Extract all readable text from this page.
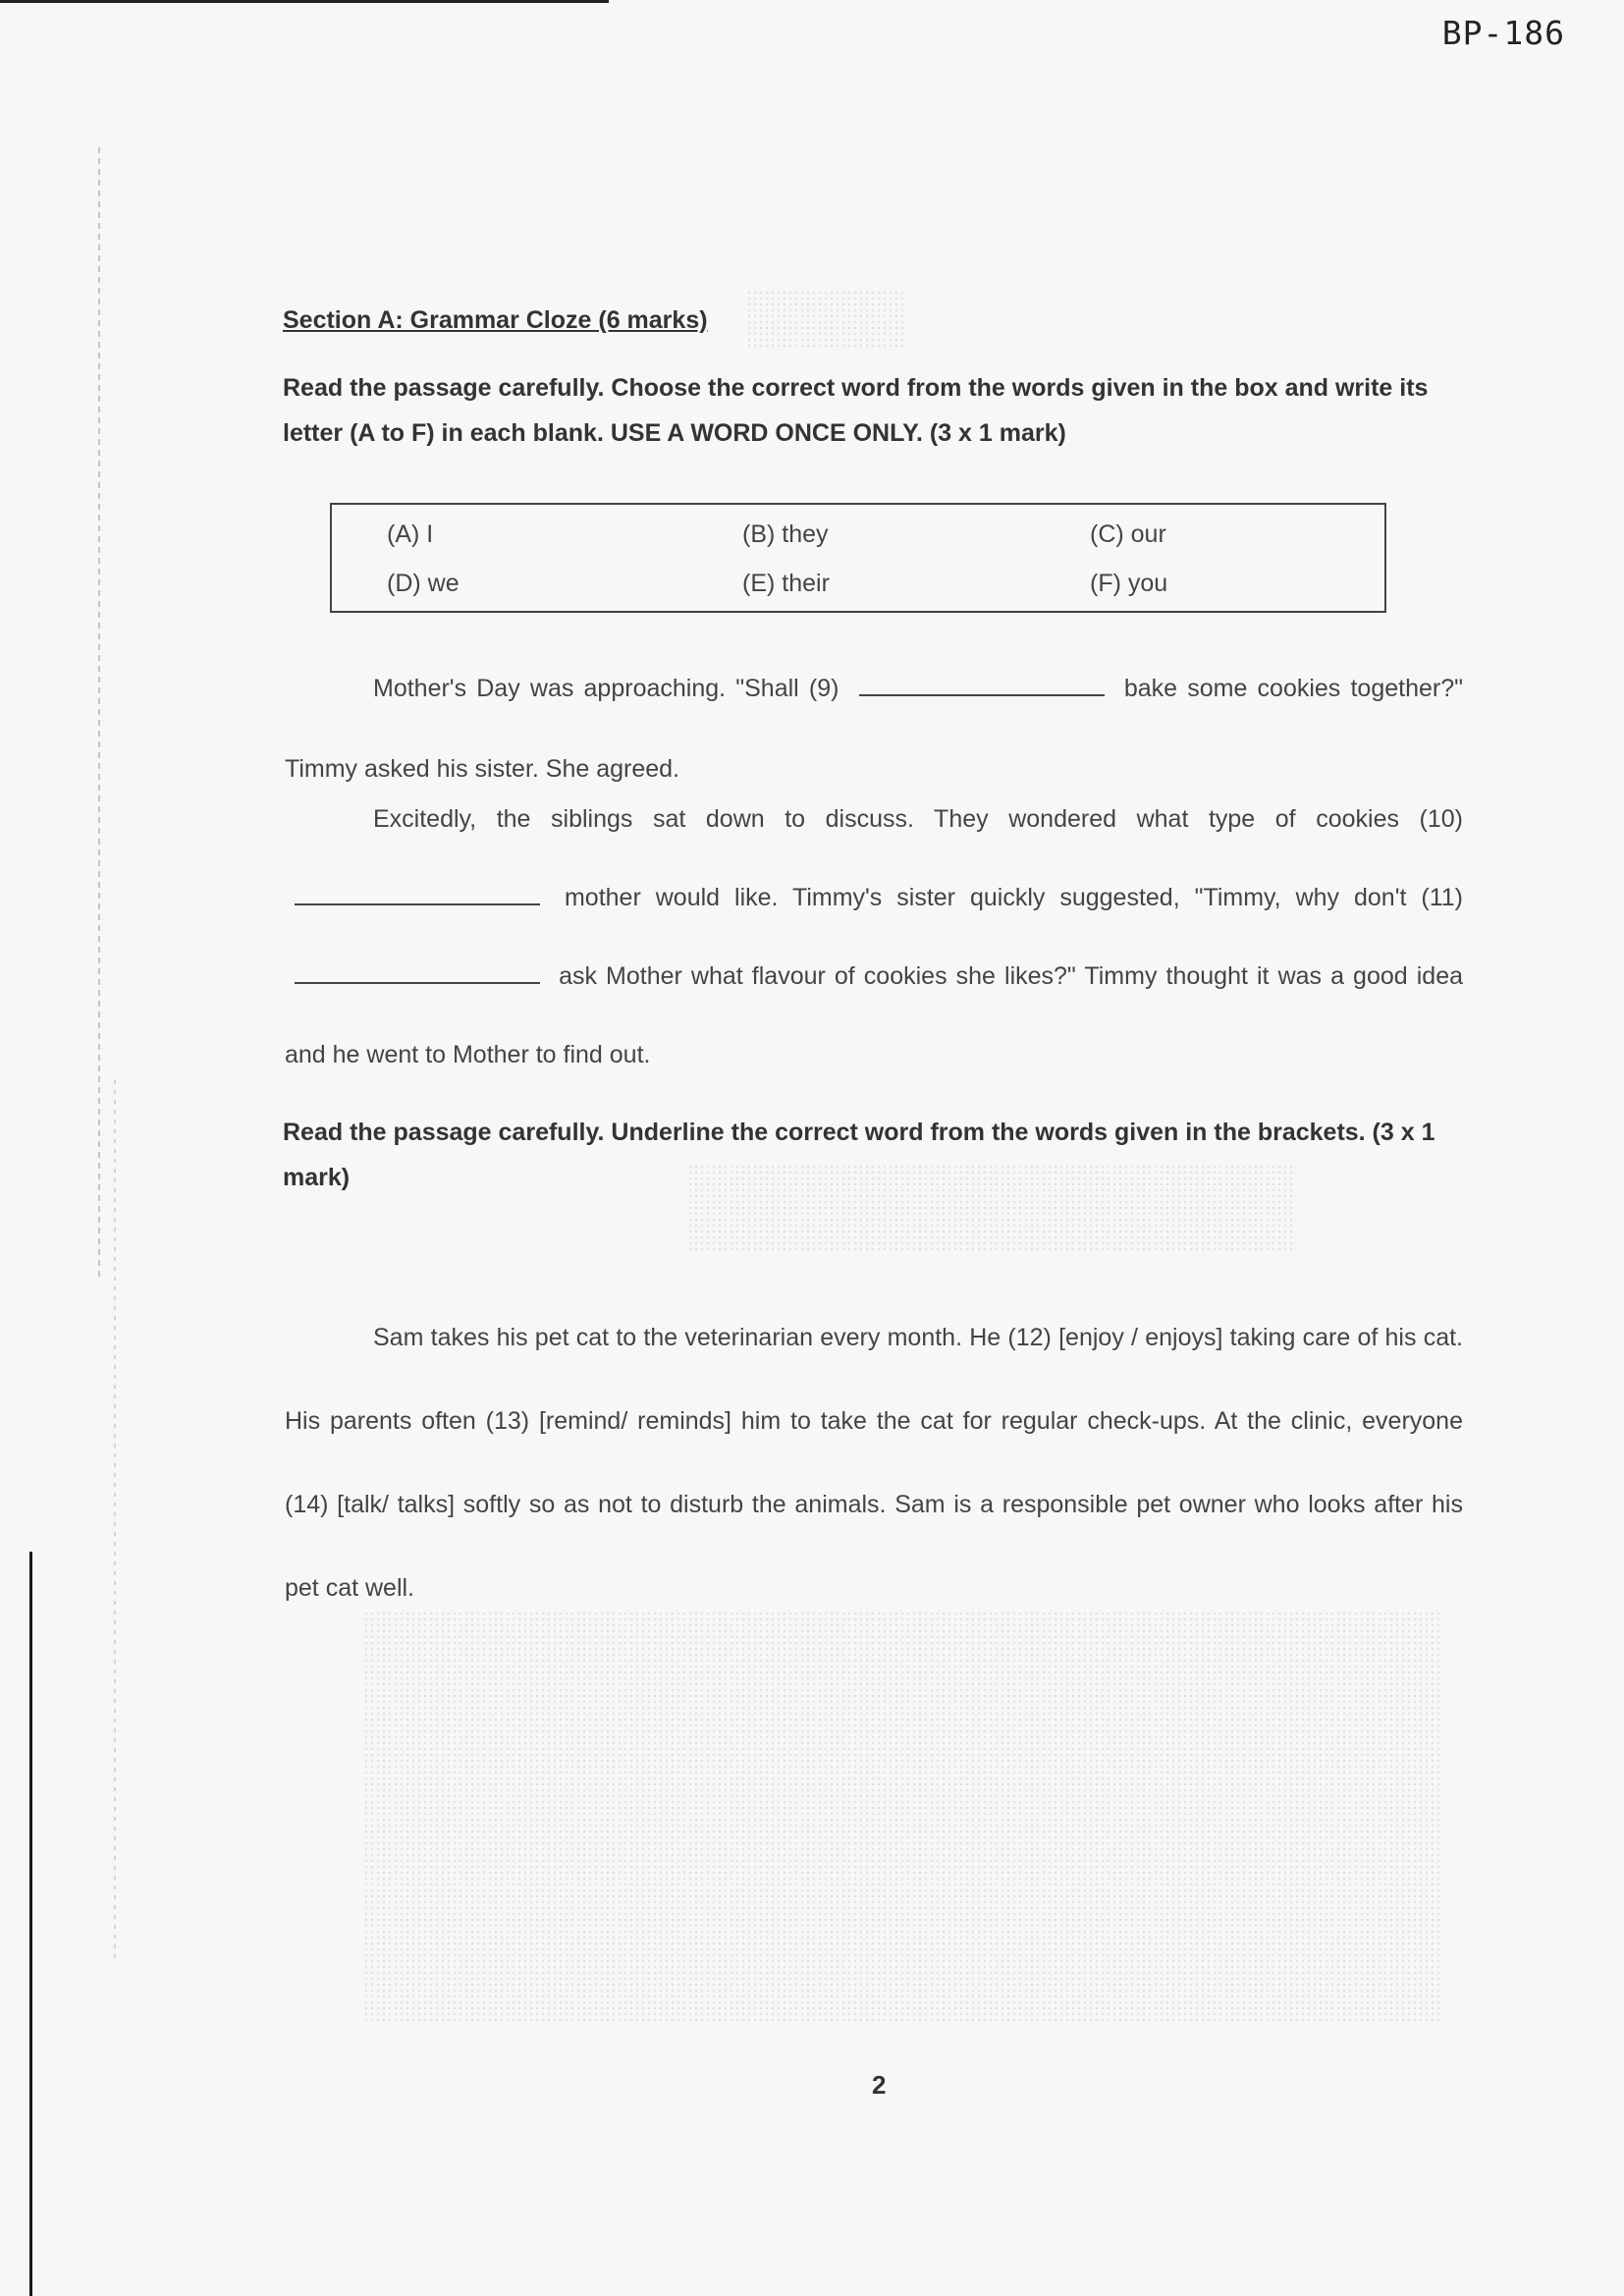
BP-186
Section A: Grammar Cloze (6 marks)
Read the passage carefully. Choose the correct word from the words given in the box and write its letter (A to F) in each blank. USE A WORD ONCE ONLY. (3 x 1 mark)
(A) I	(B) they	(C) our
(D) we	(E) their	(F) you
Mother's Day was approaching. "Shall (9)	bake some cookies together?" Timmy asked his sister. She agreed.
Excitedly, the siblings sat down to discuss. They wondered what type of cookies (10)  mother would like. Timmy's sister quickly suggested, "Timmy, why don't (11)  ask Mother what flavour of cookies she likes?" Timmy thought it was a good idea and he went to Mother to find out.
Read the passage carefully. Underline the correct word from the words given in the brackets. (3 x 1 mark)
Sam takes his pet cat to the veterinarian every month. He (12) [enjoy / enjoys] taking care of his cat. His parents often (13) [remind/ reminds] him to take the cat for regular check-ups. At the clinic, everyone (14) [talk/ talks] softly so as not to disturb the animals. Sam is a responsible pet owner who looks after his pet cat well.
2
